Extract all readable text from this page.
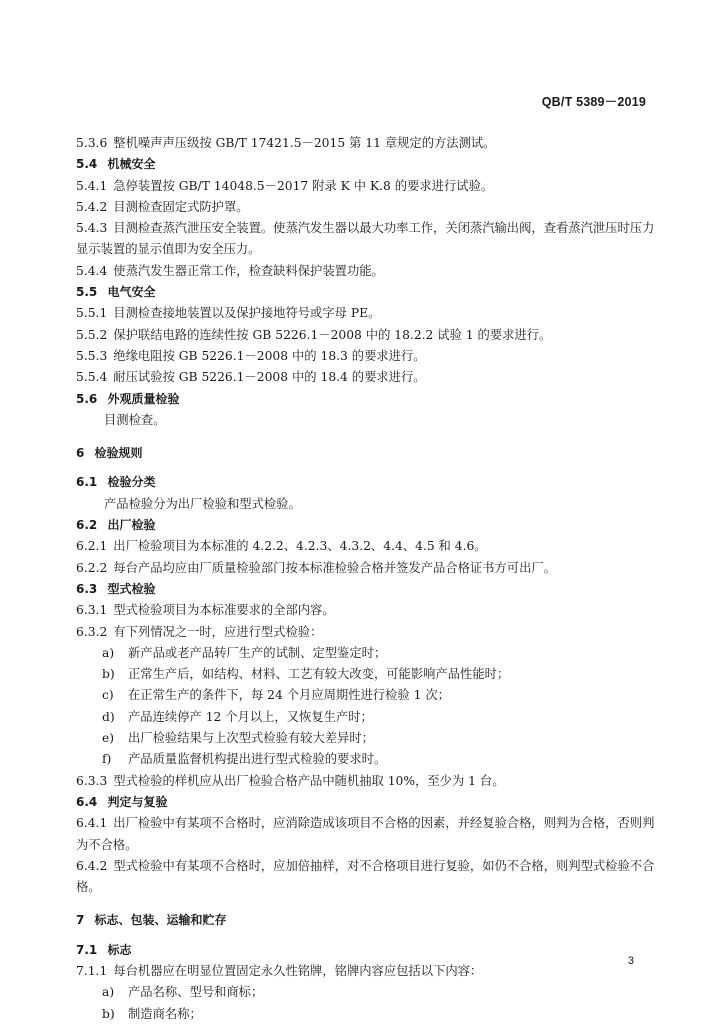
QB/T 5389－2019
5.3.6 整机噪声声压级按 GB/T 17421.5－2015 第 11 章规定的方法测试。
5.4 机械安全
5.4.1 急停装置按 GB/T 14048.5－2017 附录 K 中 K.8 的要求进行试验。
5.4.2 目测检查固定式防护罩。
5.4.3 目测检查蒸汽泄压安全装置。使蒸汽发生器以最大功率工作，关闭蒸汽输出阀，查看蒸汽泄压时压力显示装置的显示值即为安全压力。
5.4.4 使蒸汽发生器正常工作，检查缺料保护装置功能。
5.5 电气安全
5.5.1 目测检查接地装置以及保护接地符号或字母 PE。
5.5.2 保护联结电路的连续性按 GB 5226.1－2008 中的 18.2.2 试验 1 的要求进行。
5.5.3 绝缘电阻按 GB 5226.1－2008 中的 18.3 的要求进行。
5.5.4 耐压试验按 GB 5226.1－2008 中的 18.4 的要求进行。
5.6 外观质量检验
目测检查。
6 检验规则
6.1 检验分类
产品检验分为出厂检验和型式检验。
6.2 出厂检验
6.2.1 出厂检验项目为本标准的 4.2.2、4.2.3、4.3.2、4.4、4.5 和 4.6。
6.2.2 每台产品均应由厂质量检验部门按本标准检验合格并签发产品合格证书方可出厂。
6.3 型式检验
6.3.1 型式检验项目为本标准要求的全部内容。
6.3.2 有下列情况之一时，应进行型式检验：
a) 新产品或老产品转厂生产的试制、定型鉴定时；
b) 正常生产后，如结构、材料、工艺有较大改变，可能影响产品性能时；
c) 在正常生产的条件下，每 24 个月应周期性进行检验 1 次；
d) 产品连续停产 12 个月以上，又恢复生产时；
e) 出厂检验结果与上次型式检验有较大差异时；
f) 产品质量监督机构提出进行型式检验的要求时。
6.3.3 型式检验的样机应从出厂检验合格产品中随机抽取 10%，至少为 1 台。
6.4 判定与复验
6.4.1 出厂检验中有某项不合格时，应消除造成该项目不合格的因素，并经复验合格，则判为合格，否则判为不合格。
6.4.2 型式检验中有某项不合格时，应加倍抽样，对不合格项目进行复验，如仍不合格，则判型式检验不合格。
7 标志、包装、运输和贮存
7.1 标志
7.1.1 每台机器应在明显位置固定永久性铭牌，铭牌内容应包括以下内容：
a) 产品名称、型号和商标；
b) 制造商名称；
3
